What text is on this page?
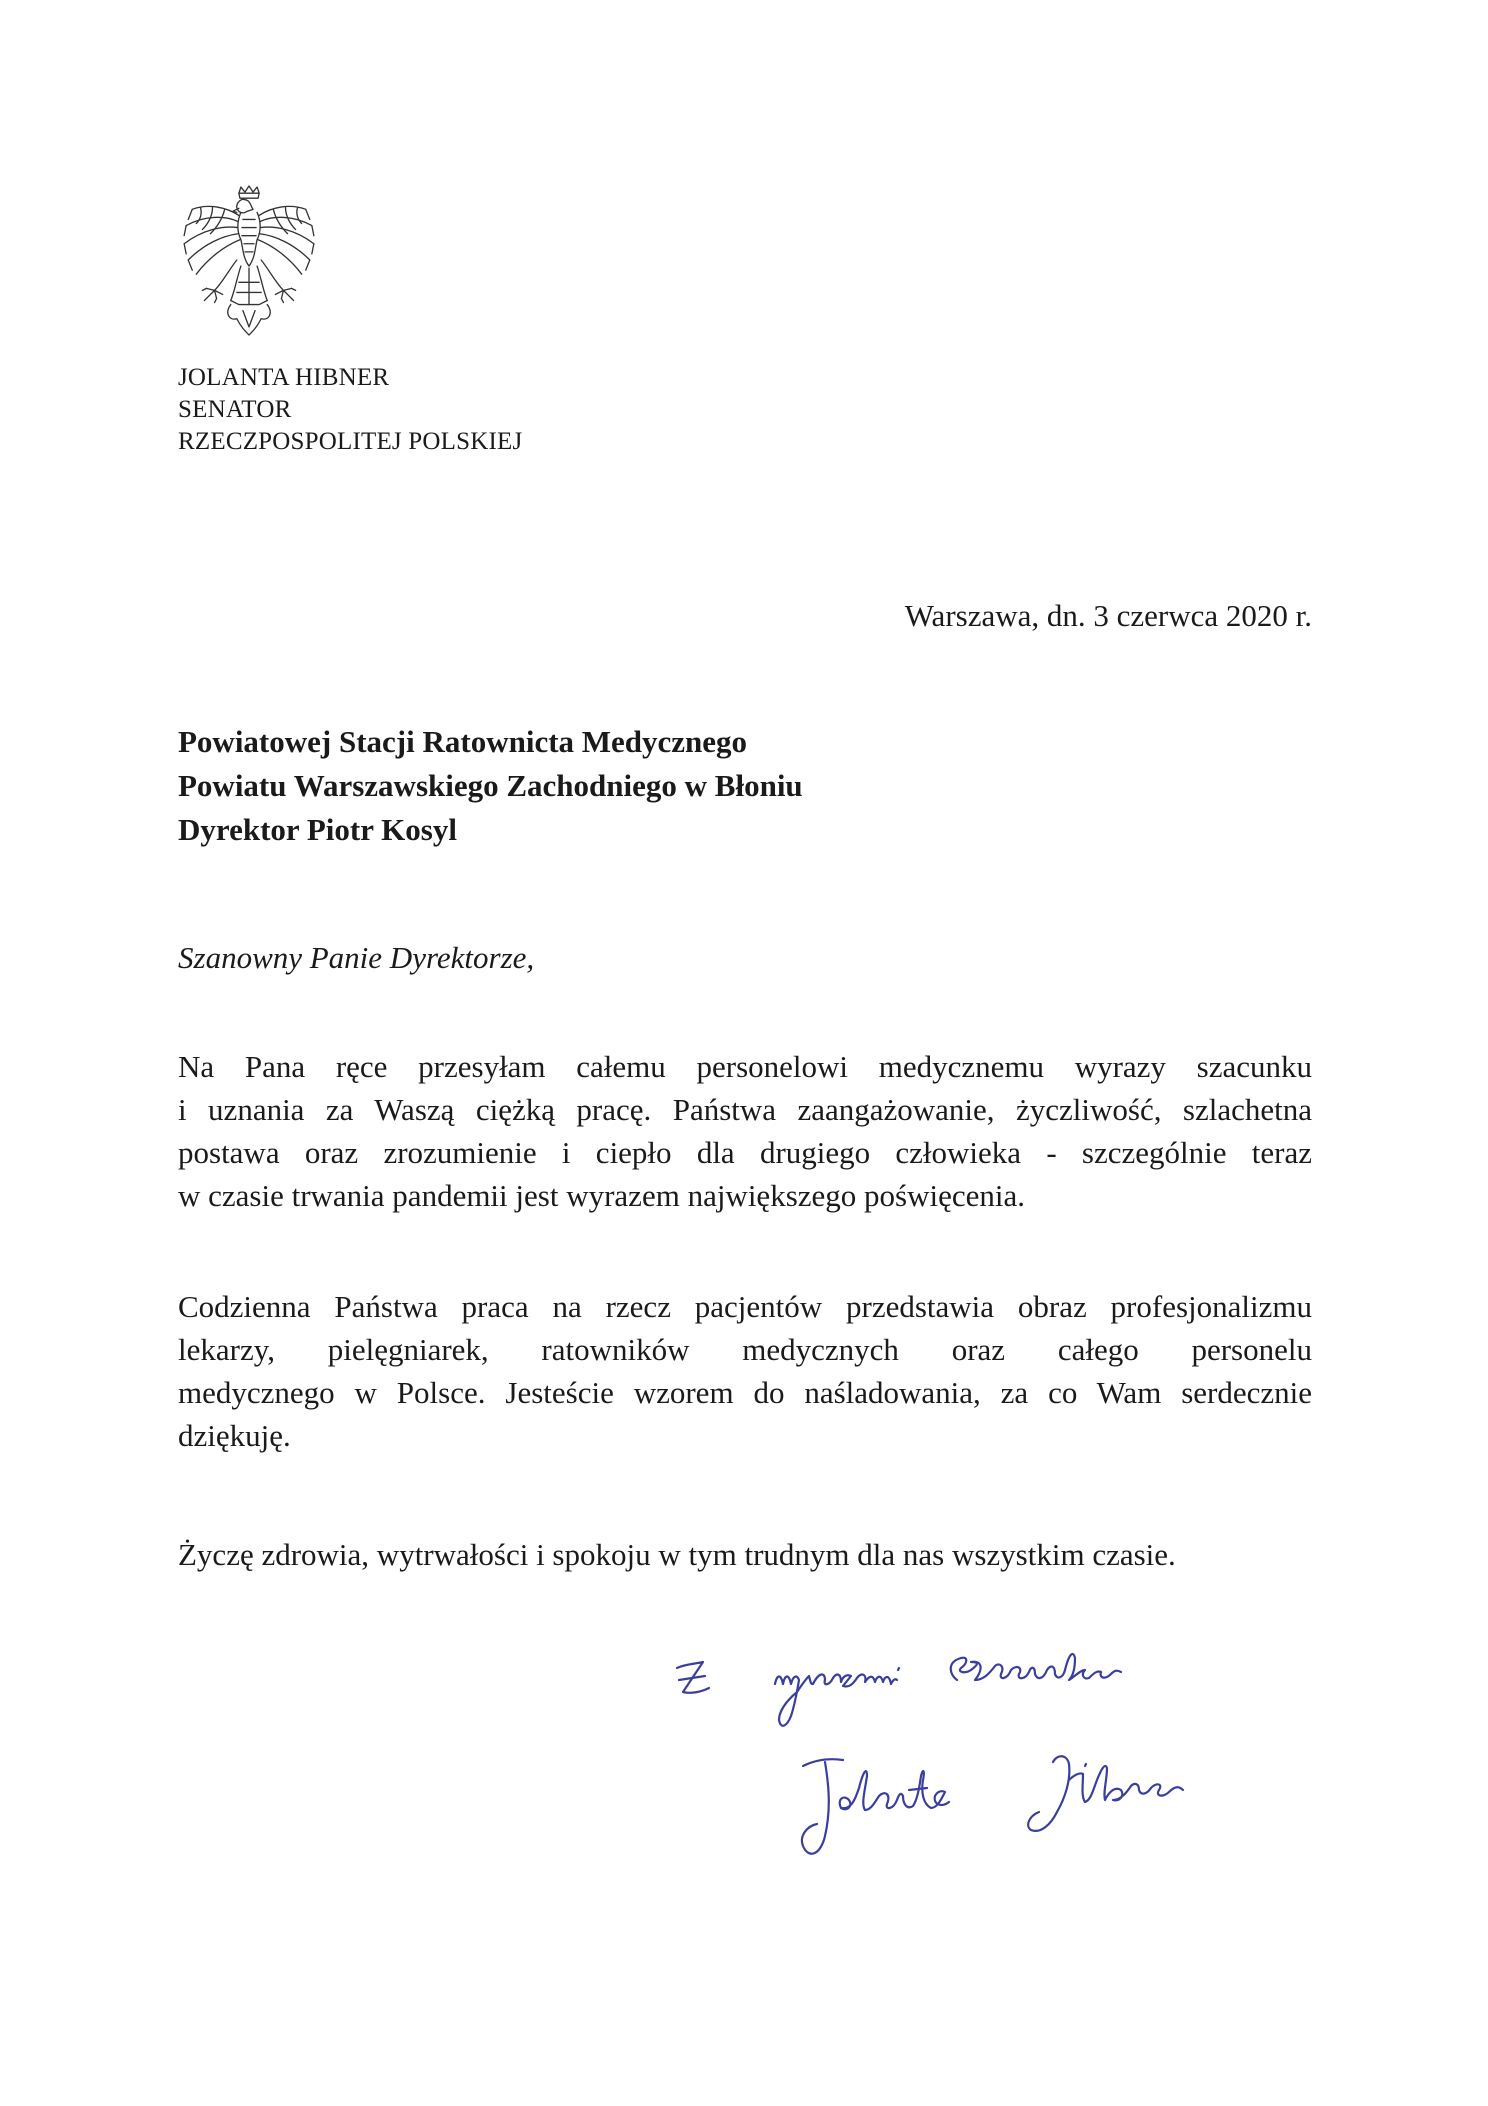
JOLANTA HIBNER
SENATOR
RZECZPOSPOLITEJ POLSKIEJ
Warszawa, dn. 3 czerwca 2020 r.
Powiatowej Stacji Ratownicta Medycznego
Powiatu Warszawskiego Zachodniego w Błoniu
Dyrektor Piotr Kosyl
Szanowny Panie Dyrektorze,
Na Pana ręce przesyłam całemu personelowi medycznemu wyrazy szacunku
i uznania za Waszą ciężką pracę. Państwa zaangażowanie, życzliwość, szlachetna
postawa oraz zrozumienie i ciepło dla drugiego człowieka - szczególnie teraz
w czasie trwania pandemii jest wyrazem największego poświęcenia.
Codzienna Państwa praca na rzecz pacjentów przedstawia obraz profesjonalizmu
lekarzy, pielęgniarek, ratowników medycznych oraz całego personelu
medycznego w Polsce. Jesteście wzorem do naśladowania, za co Wam serdecznie
dziękuję.
Życzę zdrowia, wytrwałości i spokoju w tym trudnym dla nas wszystkim czasie.
